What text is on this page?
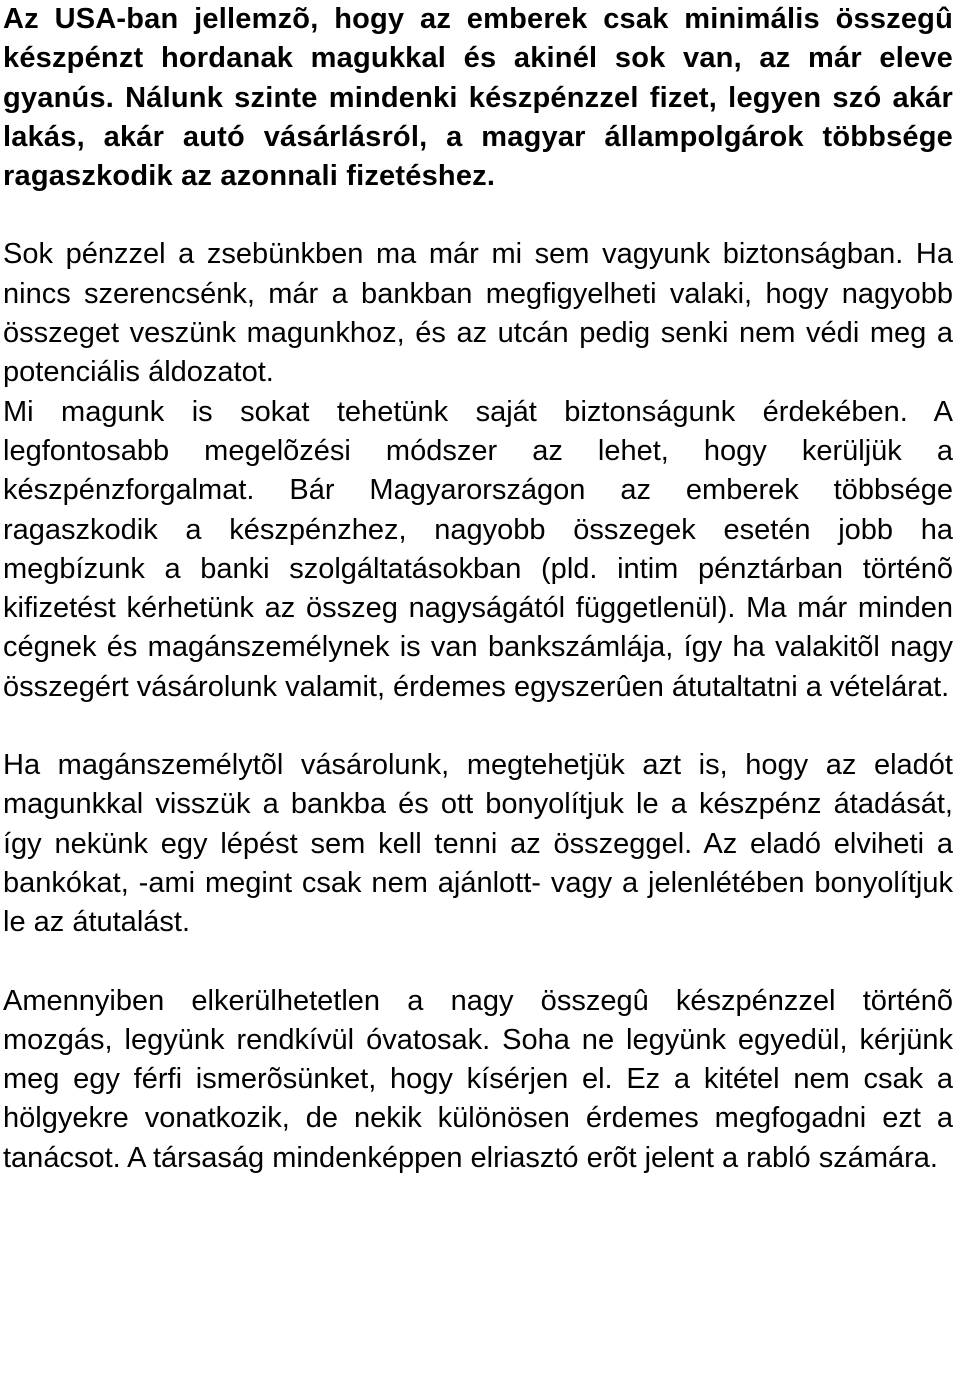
Az USA-ban jellemzõ, hogy az emberek csak minimális összegû készpénzt hordanak magukkal és akinél sok van, az már eleve gyanús. Nálunk szinte mindenki készpénzzel fizet, legyen szó akár lakás, akár autó vásárlásról, a magyar állampolgárok többsége ragaszkodik az azonnali fizetéshez.

Sok pénzzel a zsebünkben ma már mi sem vagyunk biztonságban. Ha nincs szerencsénk, már a bankban megfigyelheti valaki, hogy nagyobb összeget veszünk magunkhoz, és az utcán pedig senki nem védi meg a potenciális áldozatot.

Mi magunk is sokat tehetünk saját biztonságunk érdekében. A legfontosabb megelõzési módszer az lehet, hogy kerüljük a készpénzforgalmat. Bár Magyarországon az emberek többsége ragaszkodik a készpénzhez, nagyobb összegek esetén jobb ha megbízunk a banki szolgáltatásokban (pld. intim pénztárban történõ kifizetést kérhetünk az összeg nagyságától függetlenül). Ma már minden cégnek és magánszemélynek is van bankszámlája, így ha valakitõl nagy összegért vásárolunk valamit, érdemes egyszerûen átutaltatni a vételárat.

Ha magánszemélytõl vásárolunk, megtehetjük azt is, hogy az eladót magunkkal visszük a bankba és ott bonyolítjuk le a készpénz átadását, így nekünk egy lépést sem kell tenni az összeggel. Az eladó elviheti a bankókat, -ami megint csak nem ajánlott- vagy a jelenlétében bonyolítjuk le az átutalást.

Amennyiben elkerülhetetlen a nagy összegû készpénzzel történõ mozgás, legyünk rendkívül óvatosak. Soha ne legyünk egyedül, kérjünk meg egy férfi ismerõsünket, hogy kísérjen el. Ez a kitétel nem csak a hölgyekre vonatkozik, de nekik különösen érdemes megfogadni ezt a tanácsot. A társaság mindenképpen elriasztó erõt jelent a rabló számára.
